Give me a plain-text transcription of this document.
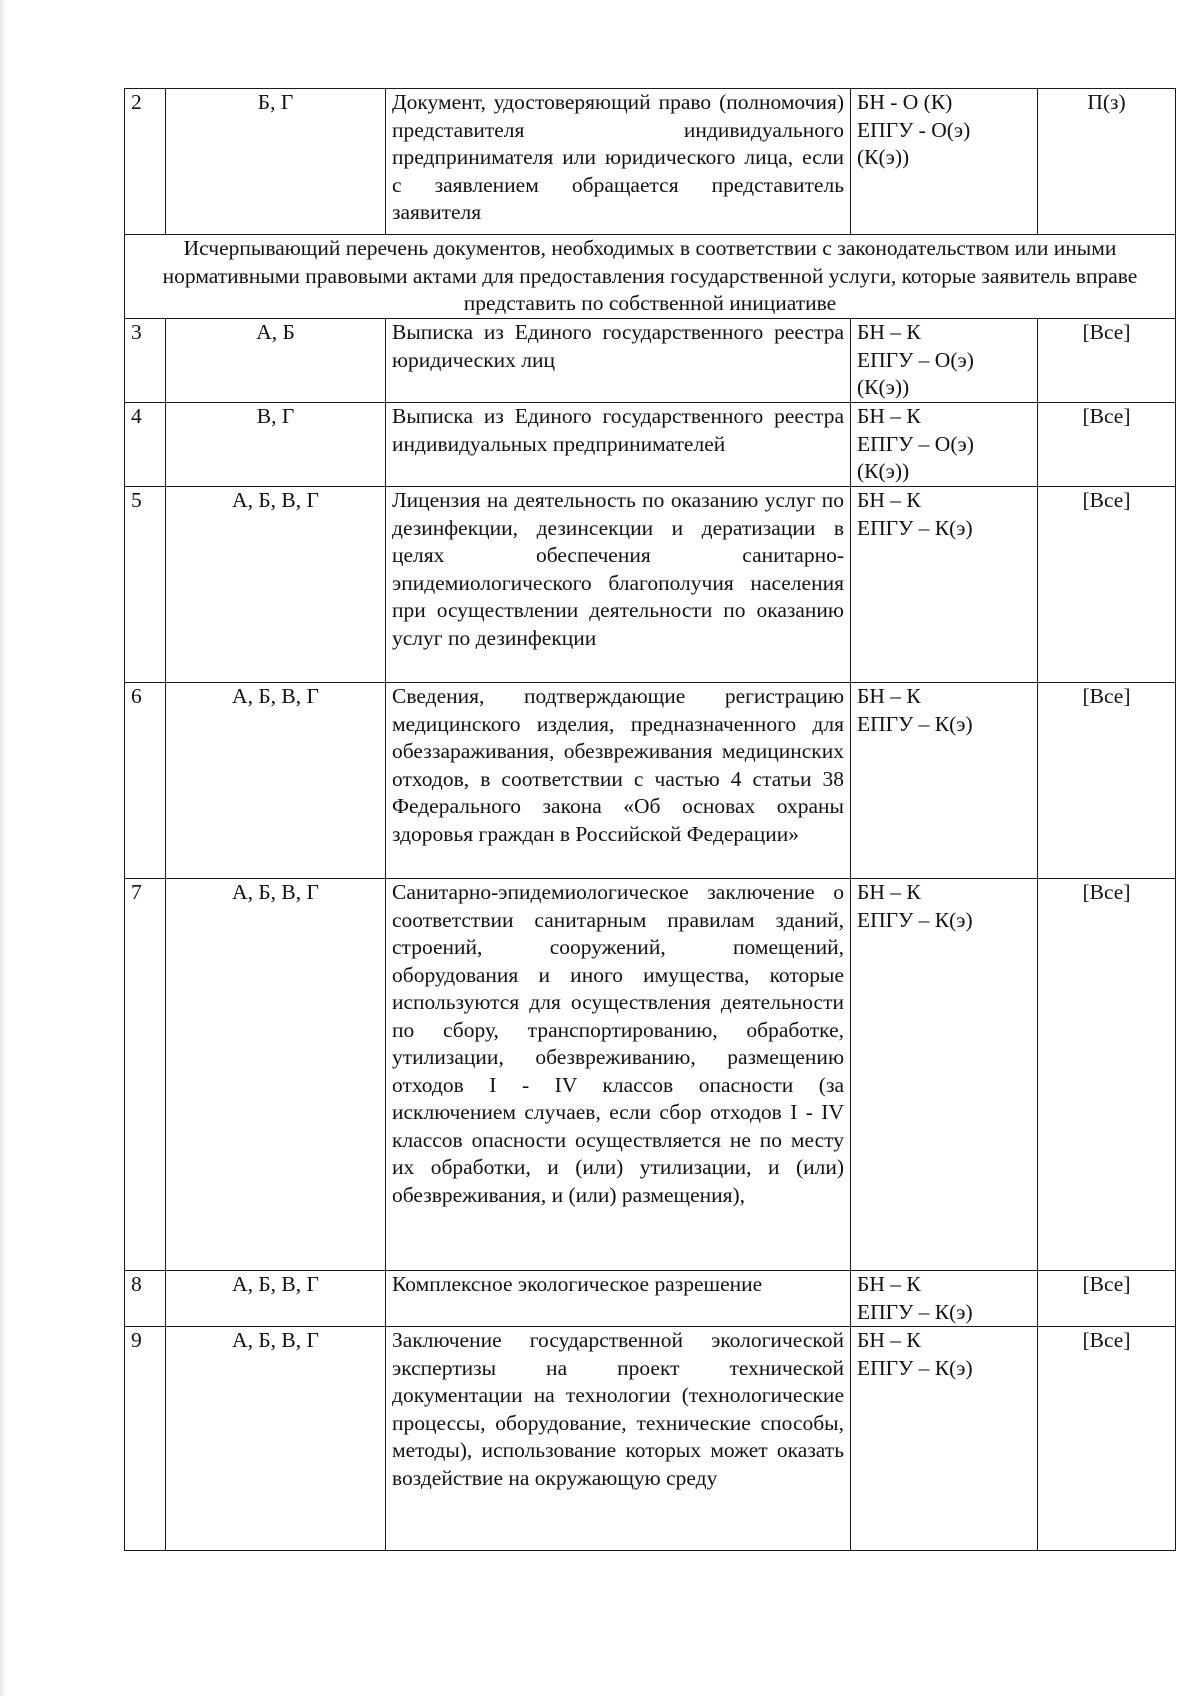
2	Б, Г	Документ, удостоверяющий право (полномочия) представителя индивидуального предпринимателя или юридического лица, если с заявлением обращается представитель заявителя	БН - О (К)
ЕПГУ - О(э)
(К(э))	П(з)
Исчерпывающий перечень документов, необходимых в соответствии с законодательством или иными нормативными правовыми актами для предоставления государственной услуги, которые заявитель вправе представить по собственной инициативе				
3	А, Б	Выписка из Единого государственного реестра юридических лиц	БН – К
ЕПГУ – О(э)
(К(э))	[Все]
4	В, Г	Выписка из Единого государственного реестра индивидуальных предпринимателей	БН – К
ЕПГУ – О(э)
(К(э))	[Все]
5	А, Б, В, Г	Лицензия на деятельность по оказанию услуг по дезинфекции, дезинсекции и дератизации в целях обеспечения санитарно-эпидемиологического благополучия населения при осуществлении деятельности по оказанию услуг по дезинфекции	БН – К
ЕПГУ – К(э)	[Все]
6	А, Б, В, Г	Сведения, подтверждающие регистрацию медицинского изделия, предназначенного для обеззараживания, обезвреживания медицинских отходов, в соответствии с частью 4 статьи 38 Федерального закона «Об основах охраны здоровья граждан в Российской Федерации»	БН – К
ЕПГУ – К(э)	[Все]
7	А, Б, В, Г	Санитарно-эпидемиологическое заключение о соответствии санитарным правилам зданий, строений, сооружений, помещений, оборудования и иного имущества, которые используются для осуществления деятельности по сбору, транспортированию, обработке, утилизации, обезвреживанию, размещению отходов I - IV классов опасности (за исключением случаев, если сбор отходов I - IV классов опасности осуществляется не по месту их обработки, и (или) утилизации, и (или) обезвреживания, и (или) размещения),	БН – К
ЕПГУ – К(э)	[Все]
8	А, Б, В, Г	Комплексное экологическое разрешение	БН – К
ЕПГУ – К(э)	[Все]
9	А, Б, В, Г	Заключение государственной экологической экспертизы на проект технической документации на технологии (технологические процессы, оборудование, технические способы, методы), использование которых может оказать воздействие на окружающую среду	БН – К
ЕПГУ – К(э)	[Все]
